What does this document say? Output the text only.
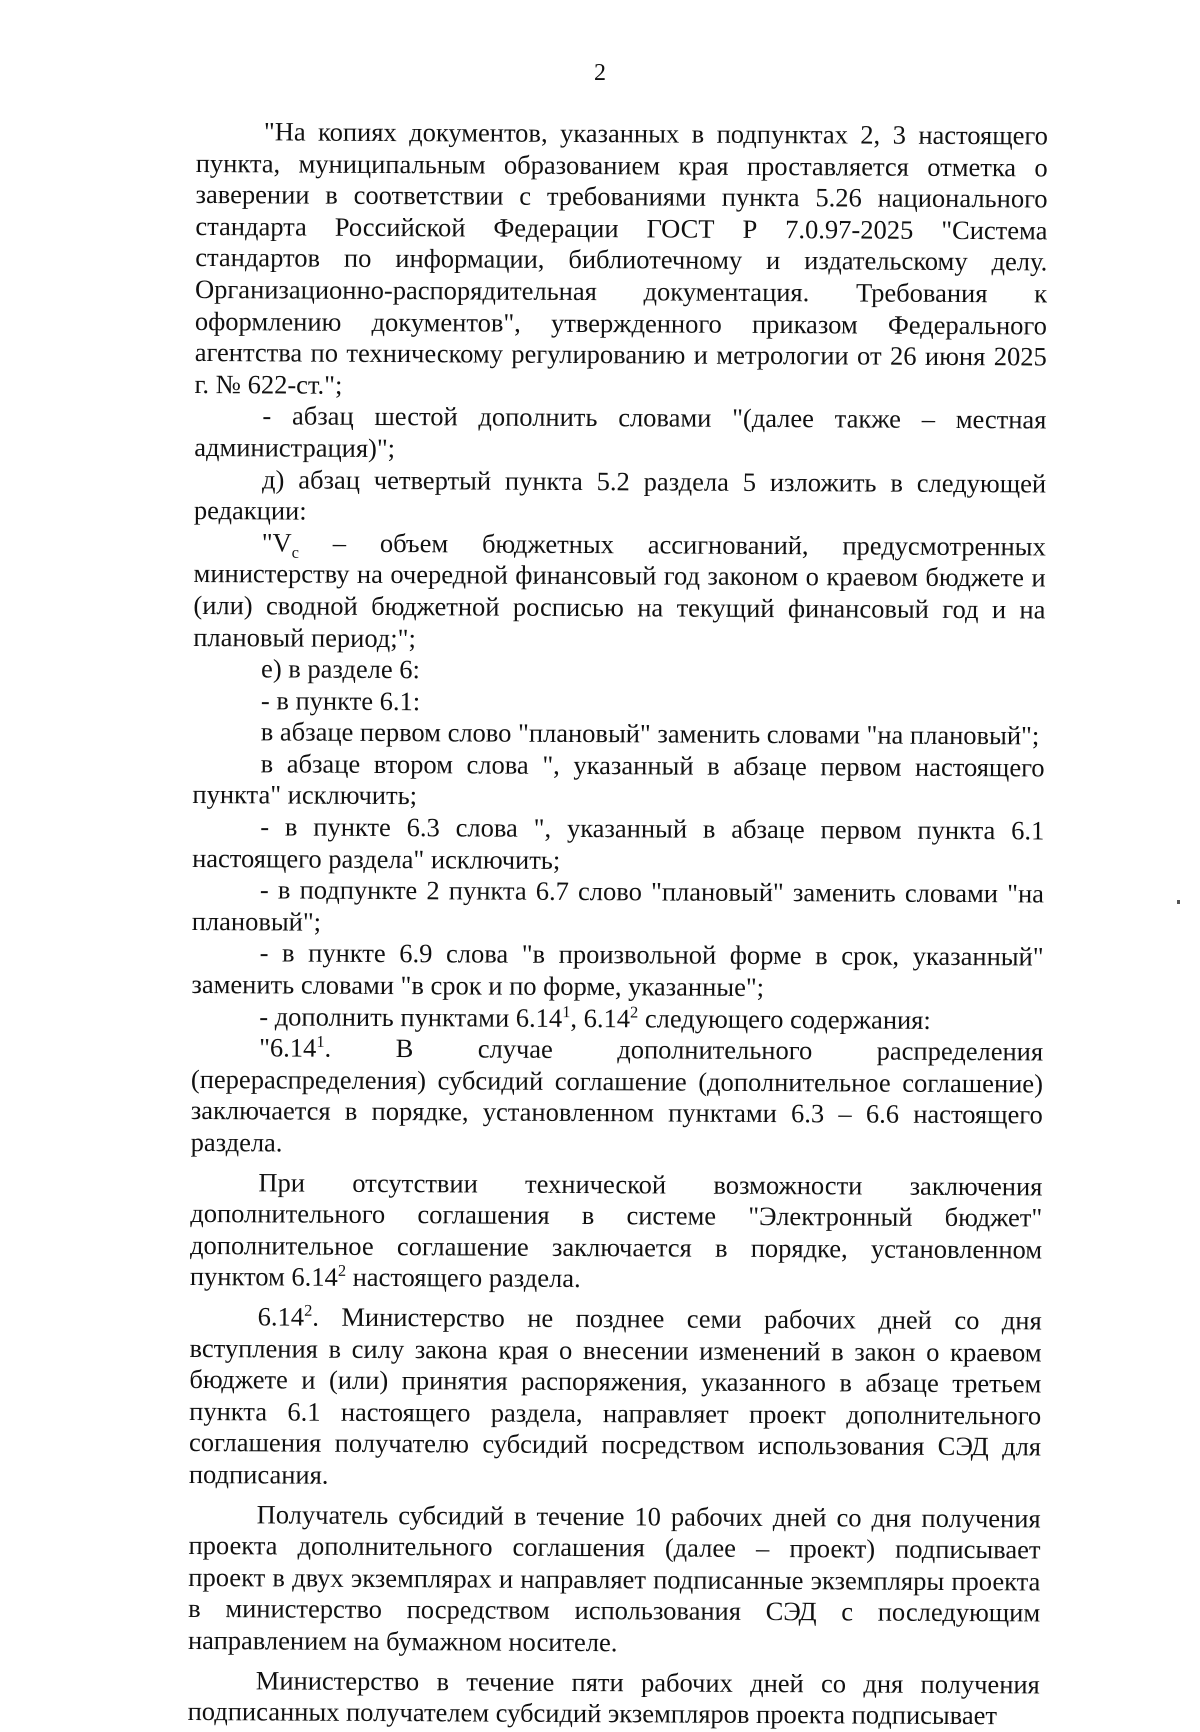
2

"На копиях документов, указанных в подпунктах 2, 3 настоящего пункта, муниципальным образованием края проставляется отметка о заверении в соответствии с требованиями пункта 5.26 национального стандарта Российской Федерации ГОСТ Р 7.0.97-2025 "Система стандартов по информации, библиотечному и издательскому делу. Организационно-распорядительная документация. Требования к оформлению документов", утвержденного приказом Федерального агентства по техническому регулированию и метрологии от 26 июня 2025 г. № 622-ст.";

- абзац шестой дополнить словами "(далее также – местная администрация)";

д) абзац четвертый пункта 5.2 раздела 5 изложить в следующей редакции:

"$V_с$ – объем бюджетных ассигнований, предусмотренных министерству на очередной финансовый год законом о краевом бюджете и (или) сводной бюджетной росписью на текущий финансовый год и на плановый период;";

е) в разделе 6:

- в пункте 6.1:

в абзаце первом слово "плановый" заменить словами "на плановый";

в абзаце втором слова ", указанный в абзаце первом настоящего пункта" исключить;

- в пункте 6.3 слова ", указанный в абзаце первом пункта 6.1 настоящего раздела" исключить;

- в подпункте 2 пункта 6.7 слово "плановый" заменить словами "на плановый";

- в пункте 6.9 слова "в произвольной форме в срок, указанный" заменить словами "в срок и по форме, указанные";

- дополнить пунктами 6.14$^1$, 6.14$^2$ следующего содержания:

"6.14$^1$. В случае дополнительного распределения (перераспределения) субсидий соглашение (дополнительное соглашение) заключается в порядке, установленном пунктами 6.3 – 6.6 настоящего раздела.

При отсутствии технической возможности заключения дополнительного соглашения в системе "Электронный бюджет" дополнительное соглашение заключается в порядке, установленном пунктом 6.14$^2$ настоящего раздела.

6.14$^2$. Министерство не позднее семи рабочих дней со дня вступления в силу закона края о внесении изменений в закон о краевом бюджете и (или) принятия распоряжения, указанного в абзаце третьем пункта 6.1 настоящего раздела, направляет проект дополнительного соглашения получателю субсидий посредством использования СЭД для подписания.

Получатель субсидий в течение 10 рабочих дней со дня получения проекта дополнительного соглашения (далее – проект) подписывает проект в двух экземплярах и направляет подписанные экземпляры проекта в министерство посредством использования СЭД с последующим направлением на бумажном носителе.

Министерство в течение пяти рабочих дней со дня получения подписанных получателем субсидий экземпляров проекта подписывает
